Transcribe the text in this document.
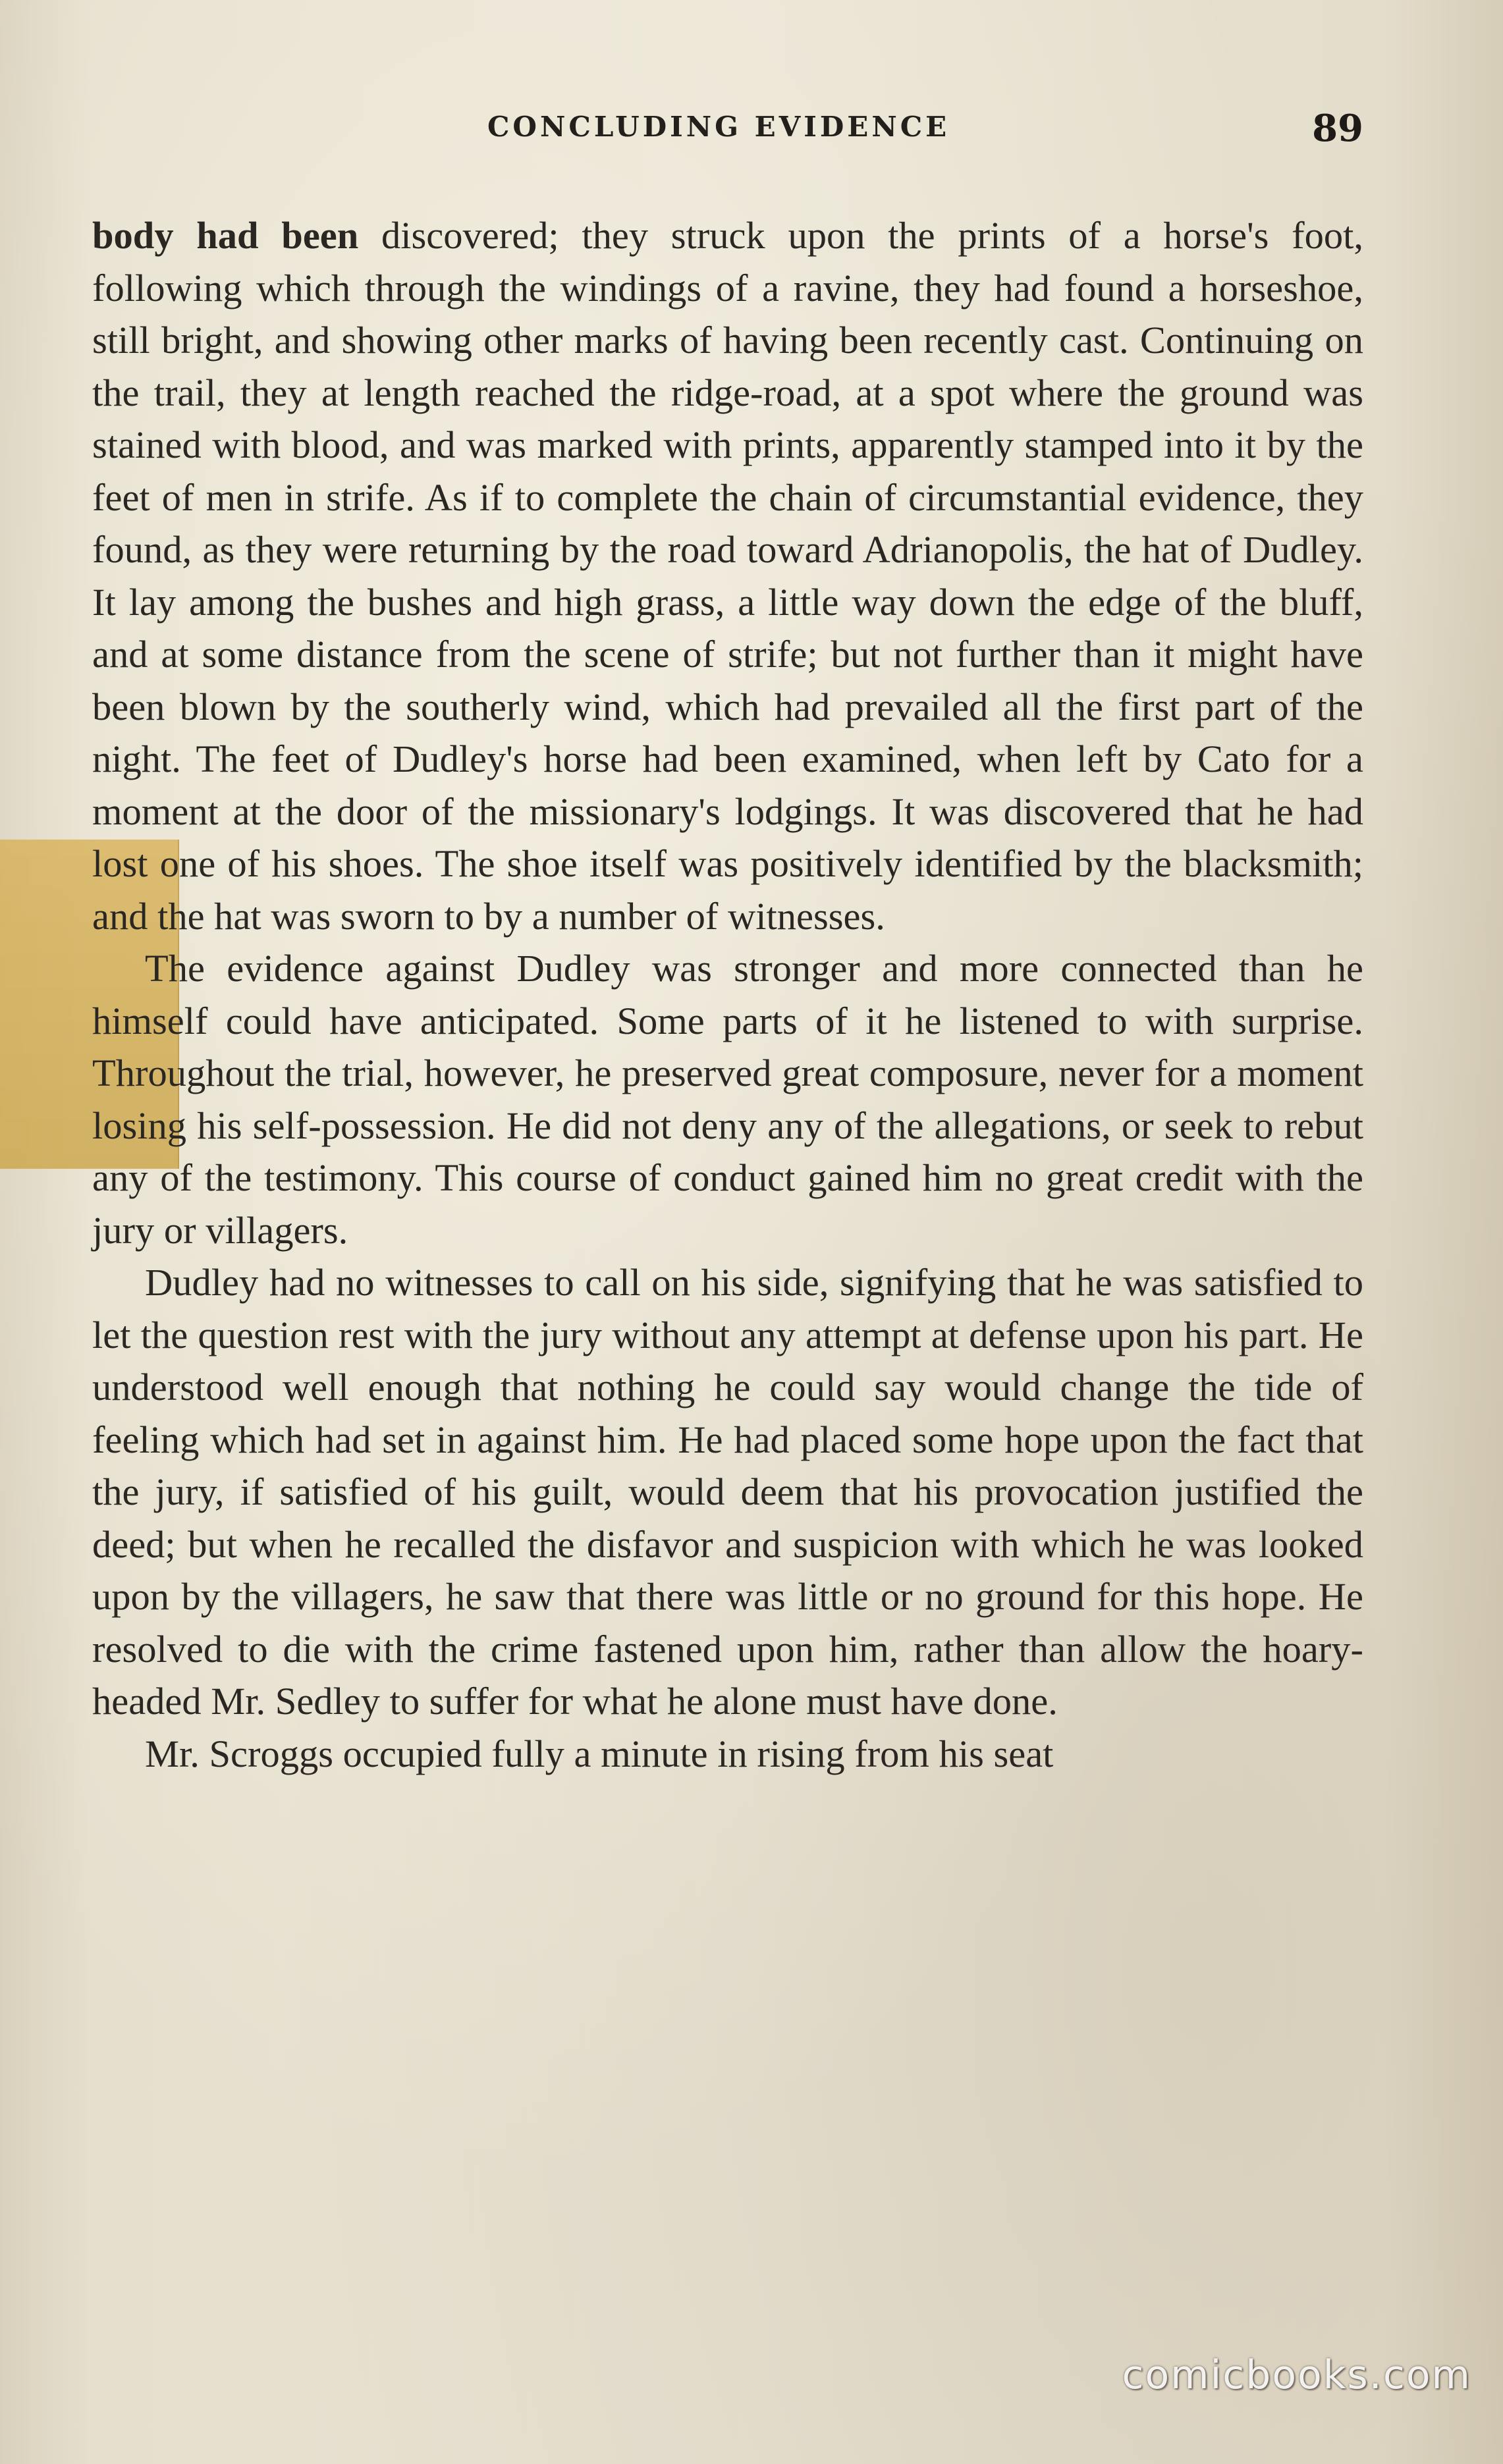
CONCLUDING EVIDENCE	89

body had been discovered; they struck upon the prints of a horse's foot, following which through the windings of a ravine, they had found a horseshoe, still bright, and showing other marks of having been recently cast. Continuing on the trail, they at length reached the ridge-road, at a spot where the ground was stained with blood, and was marked with prints, apparently stamped into it by the feet of men in strife. As if to complete the chain of circumstantial evidence, they found, as they were returning by the road toward Adrianopolis, the hat of Dudley. It lay among the bushes and high grass, a little way down the edge of the bluff, and at some distance from the scene of strife; but not further than it might have been blown by the southerly wind, which had prevailed all the first part of the night. The feet of Dudley's horse had been examined, when left by Cato for a moment at the door of the missionary's lodgings. It was discovered that he had lost one of his shoes. The shoe itself was positively identified by the blacksmith; and the hat was sworn to by a number of witnesses.

The evidence against Dudley was stronger and more connected than he himself could have anticipated. Some parts of it he listened to with surprise. Throughout the trial, however, he preserved great composure, never for a moment losing his self-possession. He did not deny any of the allegations, or seek to rebut any of the testimony. This course of conduct gained him no great credit with the jury or villagers.

Dudley had no witnesses to call on his side, signifying that he was satisfied to let the question rest with the jury without any attempt at defense upon his part. He understood well enough that nothing he could say would change the tide of feeling which had set in against him. He had placed some hope upon the fact that the jury, if satisfied of his guilt, would deem that his provocation justified the deed; but when he recalled the disfavor and suspicion with which he was looked upon by the villagers, he saw that there was little or no ground for this hope. He resolved to die with the crime fastened upon him, rather than allow the hoary-headed Mr. Sedley to suffer for what he alone must have done.

Mr. Scroggs occupied fully a minute in rising from his seat

comicbooks.com
